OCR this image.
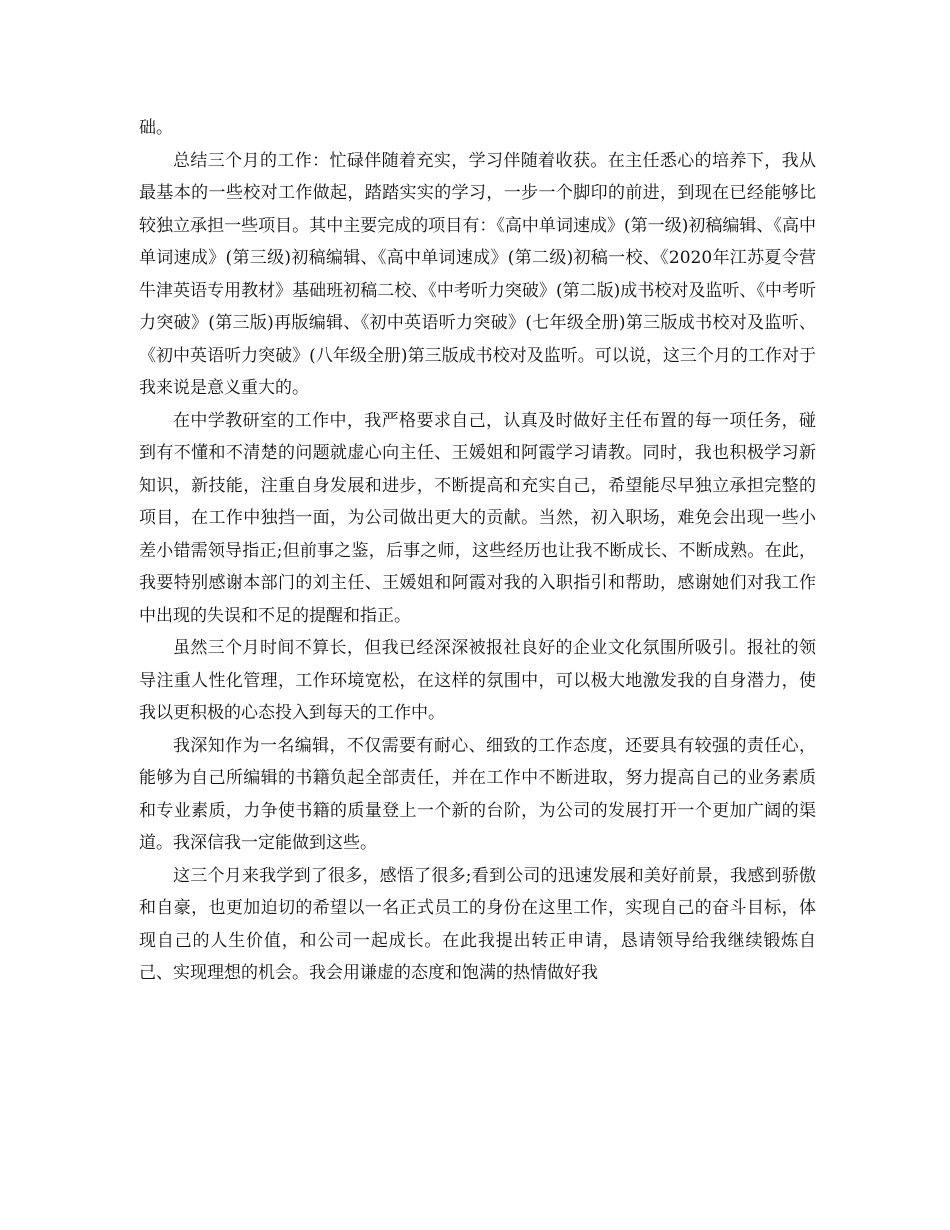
础。

总结三个月的工作：忙碌伴随着充实，学习伴随着收获。在主任悉心的培养下，我从最基本的一些校对工作做起，踏踏实实的学习，一步一个脚印的前进，到现在已经能够比较独立承担一些项目。其中主要完成的项目有：《高中单词速成》(第一级)初稿编辑、《高中单词速成》(第三级)初稿编辑、《高中单词速成》(第二级)初稿一校、《2020年江苏夏令营牛津英语专用教材》基础班初稿二校、《中考听力突破》(第二版)成书校对及监听、《中考听力突破》(第三版)再版编辑、《初中英语听力突破》(七年级全册)第三版成书校对及监听、《初中英语听力突破》(八年级全册)第三版成书校对及监听。可以说，这三个月的工作对于我来说是意义重大的。

在中学教研室的工作中，我严格要求自己，认真及时做好主任布置的每一项任务，碰到有不懂和不清楚的问题就虚心向主任、王媛姐和阿霞学习请教。同时，我也积极学习新知识，新技能，注重自身发展和进步，不断提高和充实自己，希望能尽早独立承担完整的项目，在工作中独挡一面，为公司做出更大的贡献。当然，初入职场，难免会出现一些小差小错需领导指正;但前事之鉴，后事之师，这些经历也让我不断成长、不断成熟。在此，我要特别感谢本部门的刘主任、王媛姐和阿霞对我的入职指引和帮助，感谢她们对我工作中出现的失误和不足的提醒和指正。

虽然三个月时间不算长，但我已经深深被报社良好的企业文化氛围所吸引。报社的领导注重人性化管理，工作环境宽松，在这样的氛围中，可以极大地激发我的自身潜力，使我以更积极的心态投入到每天的工作中。

我深知作为一名编辑，不仅需要有耐心、细致的工作态度，还要具有较强的责任心，能够为自己所编辑的书籍负起全部责任，并在工作中不断进取，努力提高自己的业务素质和专业素质，力争使书籍的质量登上一个新的台阶，为公司的发展打开一个更加广阔的渠道。我深信我一定能做到这些。

这三个月来我学到了很多，感悟了很多;看到公司的迅速发展和美好前景，我感到骄傲和自豪，也更加迫切的希望以一名正式员工的身份在这里工作，实现自己的奋斗目标，体现自己的人生价值，和公司一起成长。在此我提出转正申请，恳请领导给我继续锻炼自己、实现理想的机会。我会用谦虚的态度和饱满的热情做好我
